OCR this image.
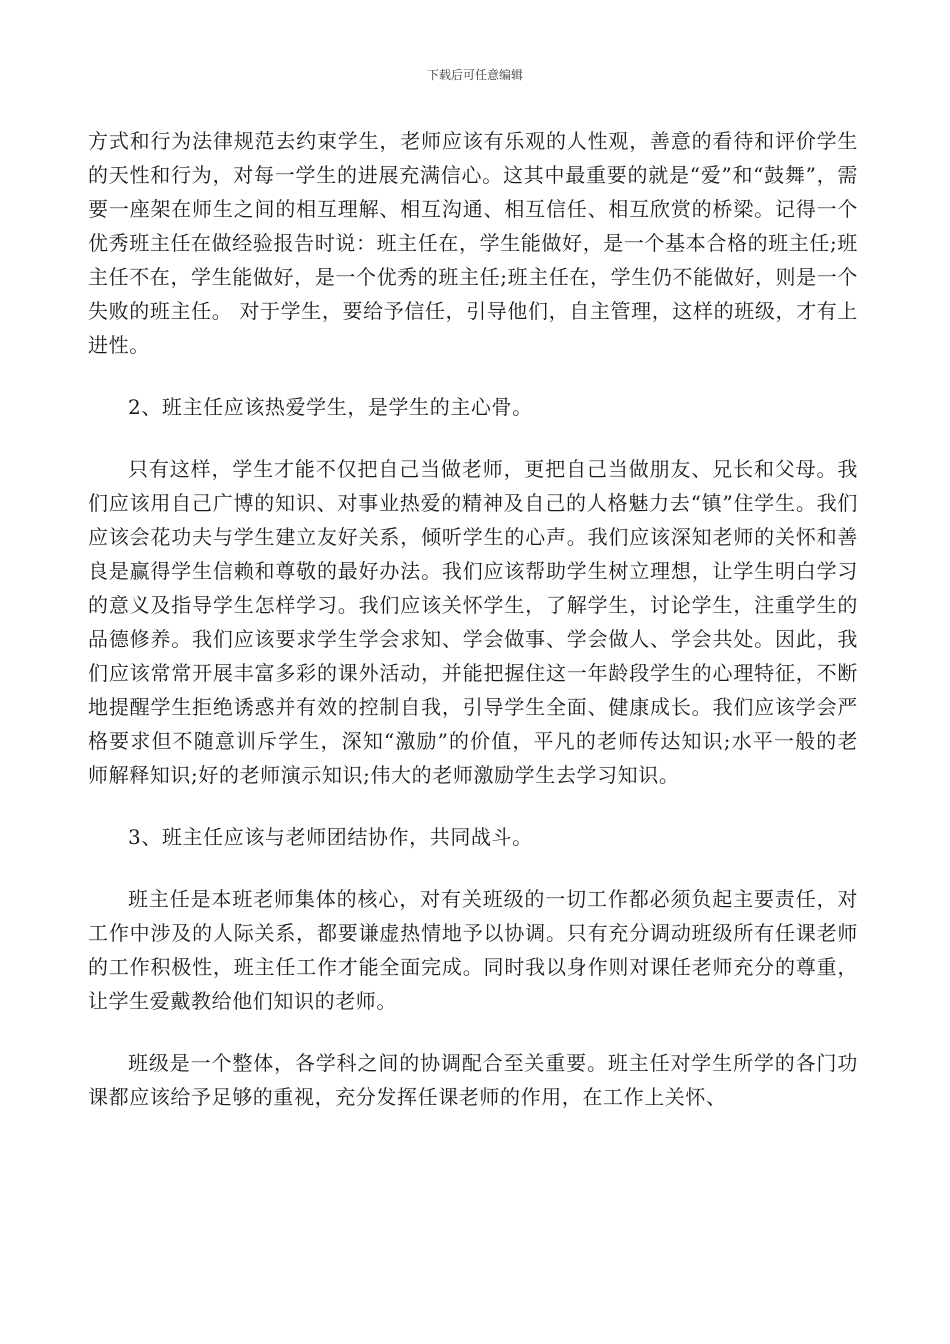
下载后可任意编辑

方式和行为法律规范去约束学生，老师应该有乐观的人性观，善意的看待和评价学生的天性和行为，对每一学生的进展充满信心。这其中最重要的就是“爱”和“鼓舞”，需要一座架在师生之间的相互理解、相互沟通、相互信任、相互欣赏的桥梁。记得一个优秀班主任在做经验报告时说：班主任在，学生能做好，是一个基本合格的班主任;班主任不在，学生能做好，是一个优秀的班主任;班主任在，学生仍不能做好，则是一个失败的班主任。 对于学生，要给予信任，引导他们，自主管理，这样的班级，才有上进性。

2、班主任应该热爱学生，是学生的主心骨。

只有这样，学生才能不仅把自己当做老师，更把自己当做朋友、兄长和父母。我们应该用自己广博的知识、对事业热爱的精神及自己的人格魅力去“镇”住学生。我们应该会花功夫与学生建立友好关系，倾听学生的心声。我们应该深知老师的关怀和善良是赢得学生信赖和尊敬的最好办法。我们应该帮助学生树立理想，让学生明白学习的意义及指导学生怎样学习。我们应该关怀学生，了解学生，讨论学生，注重学生的品德修养。我们应该要求学生学会求知、学会做事、学会做人、学会共处。因此，我们应该常常开展丰富多彩的课外活动，并能把握住这一年龄段学生的心理特征，不断地提醒学生拒绝诱惑并有效的控制自我，引导学生全面、健康成长。我们应该学会严格要求但不随意训斥学生，深知“激励”的价值，平凡的老师传达知识;水平一般的老师解释知识;好的老师演示知识;伟大的老师激励学生去学习知识。

3、班主任应该与老师团结协作，共同战斗。

班主任是本班老师集体的核心，对有关班级的一切工作都必须负起主要责任，对工作中涉及的人际关系，都要谦虚热情地予以协调。只有充分调动班级所有任课老师的工作积极性，班主任工作才能全面完成。同时我以身作则对课任老师充分的尊重，让学生爱戴教给他们知识的老师。

班级是一个整体，各学科之间的协调配合至关重要。班主任对学生所学的各门功课都应该给予足够的重视，充分发挥任课老师的作用，在工作上关怀、
